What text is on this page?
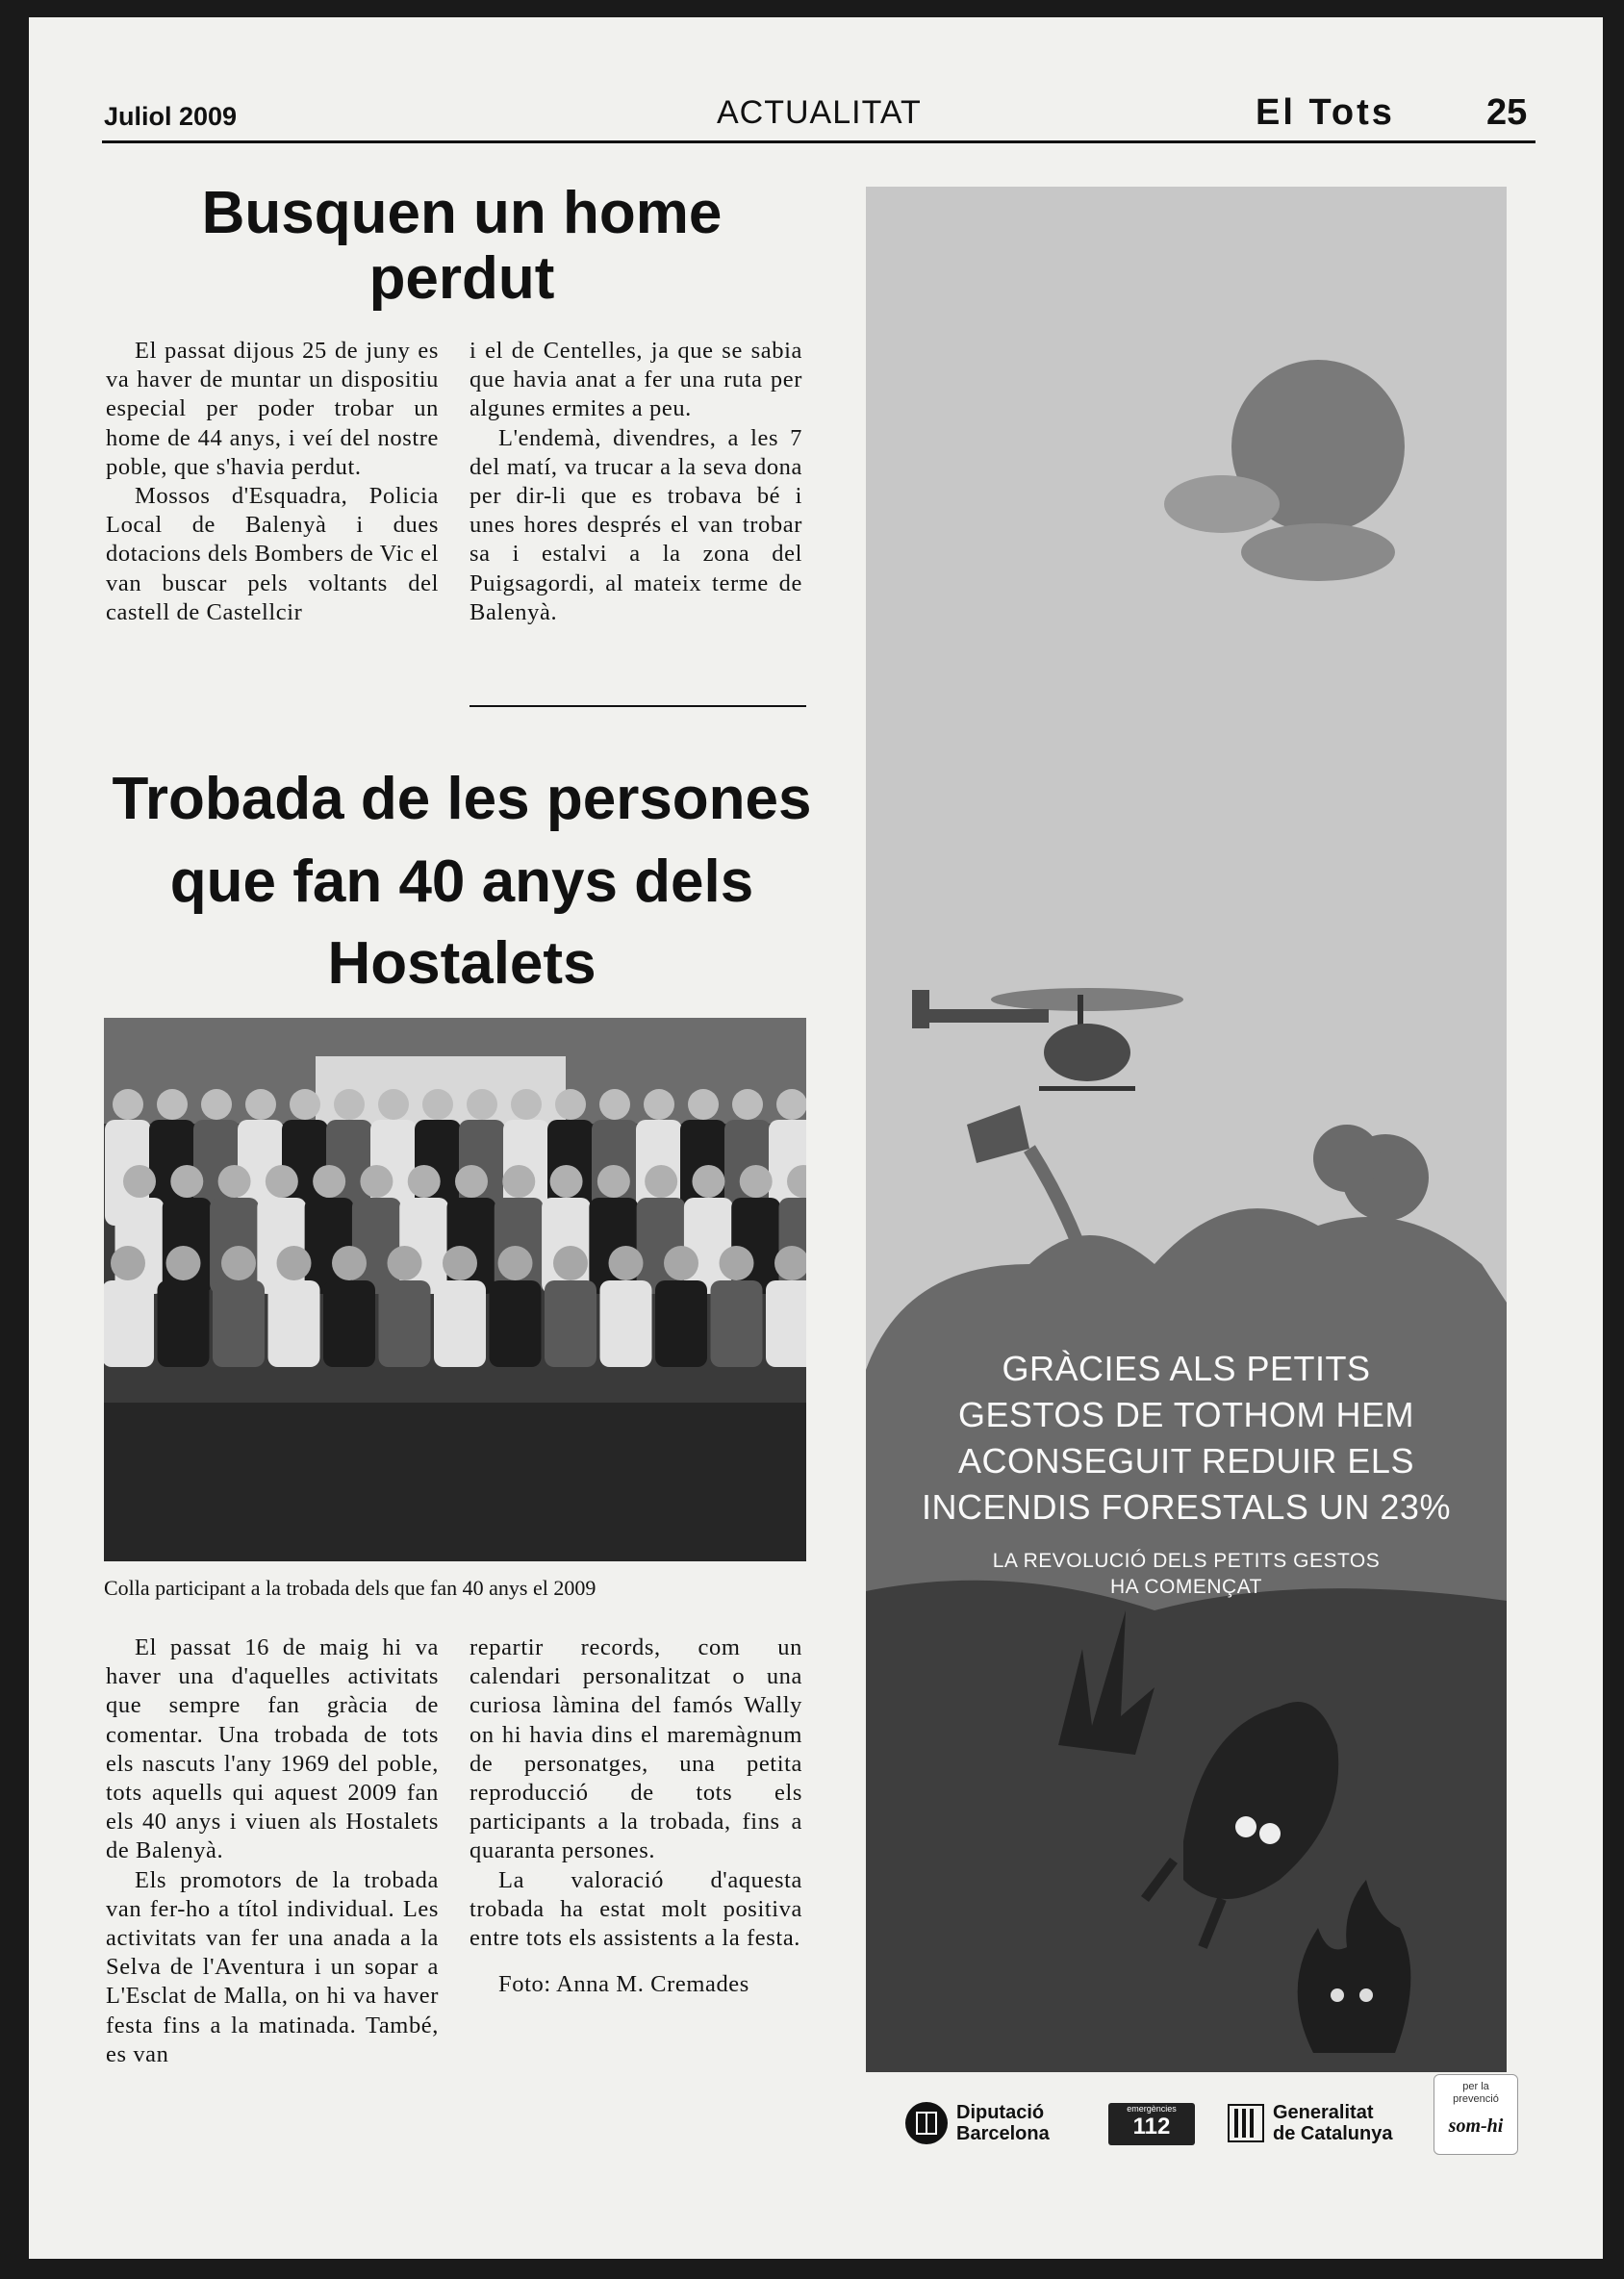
Juliol 2009	ACTUALITAT	El Tots	25
Busquen un home perdut

El passat dijous 25 de juny es va haver de muntar un dispositiu especial per poder trobar un home de 44 anys, i veí del nostre poble, que s'havia perdut.

Mossos d'Esquadra, Policia Local de Balenyà i dues dotacions dels Bombers de Vic el van buscar pels voltants del castell de Castellcir

i el de Centelles, ja que se sabia que havia anat a fer una ruta per algunes ermites a peu.

L'endemà, divendres, a les 7 del matí, va trucar a la seva dona per dir-li que es trobava bé i unes hores després el van trobar sa i estalvi a la zona del Puigsagordi, al mateix terme de Balenyà.

Trobada de les persones que fan 40 anys dels Hostalets
Colla participant a la trobada dels que fan 40 anys el 2009

El passat 16 de maig hi va haver una d'aquelles activitats que sempre fan gràcia de comentar. Una trobada de tots els nascuts l'any 1969 del poble, tots aquells qui aquest 2009 fan els 40 anys i viuen als Hostalets de Balenyà.

Els promotors de la trobada van fer-ho a títol individual. Les activitats van fer una anada a la Selva de l'Aventura i un sopar a L'Esclat de Malla, on hi va haver festa fins a la matinada. També, es van

repartir records, com un calendari personalitzat o una curiosa làmina del famós Wally on hi havia dins el maremàgnum de personatges, una petita reproducció de tots els participants a la trobada, fins a quaranta persones.

La valoració d'aquesta trobada ha estat molt positiva entre tots els assistents a la festa.

Foto: Anna M. Cremades

GRÀCIES ALS PETITS
GESTOS DE TOTHOM HEM
ACONSEGUIT REDUIR ELS
INCENDIS FORESTALS UN 23%
LA REVOLUCIÓ DELS PETITS GESTOS
HA COMENÇAT
Diputació
Barcelona
emergències
112
Generalitat
de Catalunya
per la
prevenció
som-hi
